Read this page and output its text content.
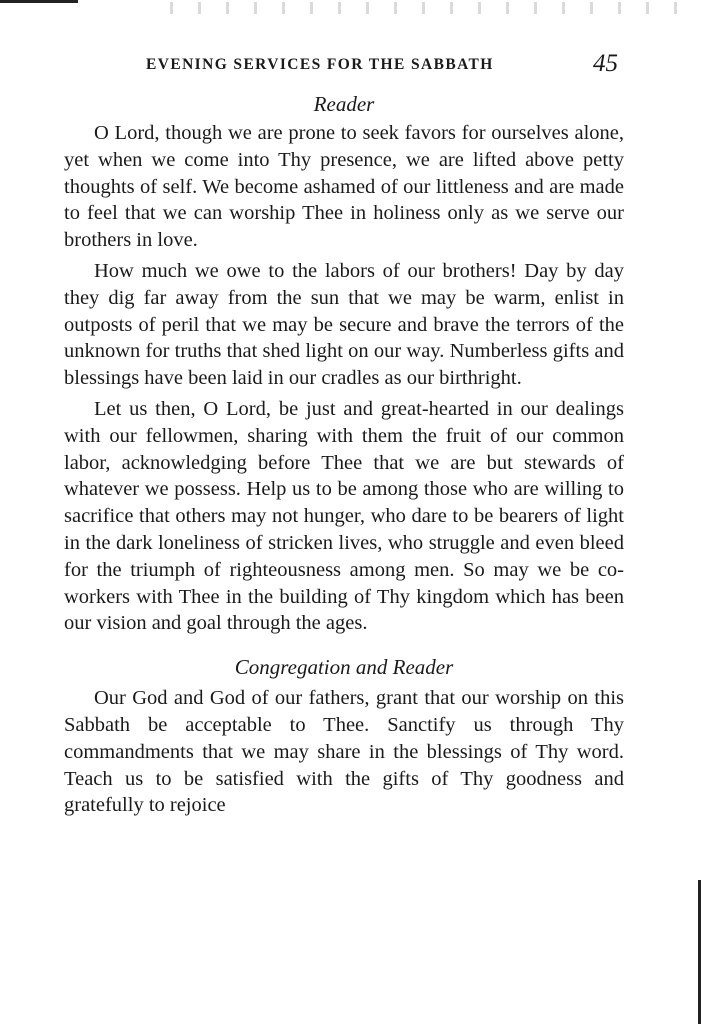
EVENING SERVICES FOR THE SABBATH	45

Reader

O Lord, though we are prone to seek favors for ourselves alone, yet when we come into Thy presence, we are lifted above petty thoughts of self. We become ashamed of our littleness and are made to feel that we can worship Thee in holiness only as we serve our brothers in love.

How much we owe to the labors of our brothers! Day by day they dig far away from the sun that we may be warm, enlist in outposts of peril that we may be secure and brave the terrors of the unknown for truths that shed light on our way. Numberless gifts and blessings have been laid in our cradles as our birthright.

Let us then, O Lord, be just and great-hearted in our dealings with our fellowmen, sharing with them the fruit of our common labor, acknowledging before Thee that we are but stewards of whatever we possess. Help us to be among those who are willing to sacrifice that others may not hunger, who dare to be bearers of light in the dark loneliness of stricken lives, who struggle and even bleed for the triumph of righteousness among men. So may we be co-workers with Thee in the building of Thy kingdom which has been our vision and goal through the ages.

Congregation and Reader

Our God and God of our fathers, grant that our worship on this Sabbath be acceptable to Thee. Sanctify us through Thy commandments that we may share in the blessings of Thy word. Teach us to be satisfied with the gifts of Thy goodness and gratefully to rejoice
